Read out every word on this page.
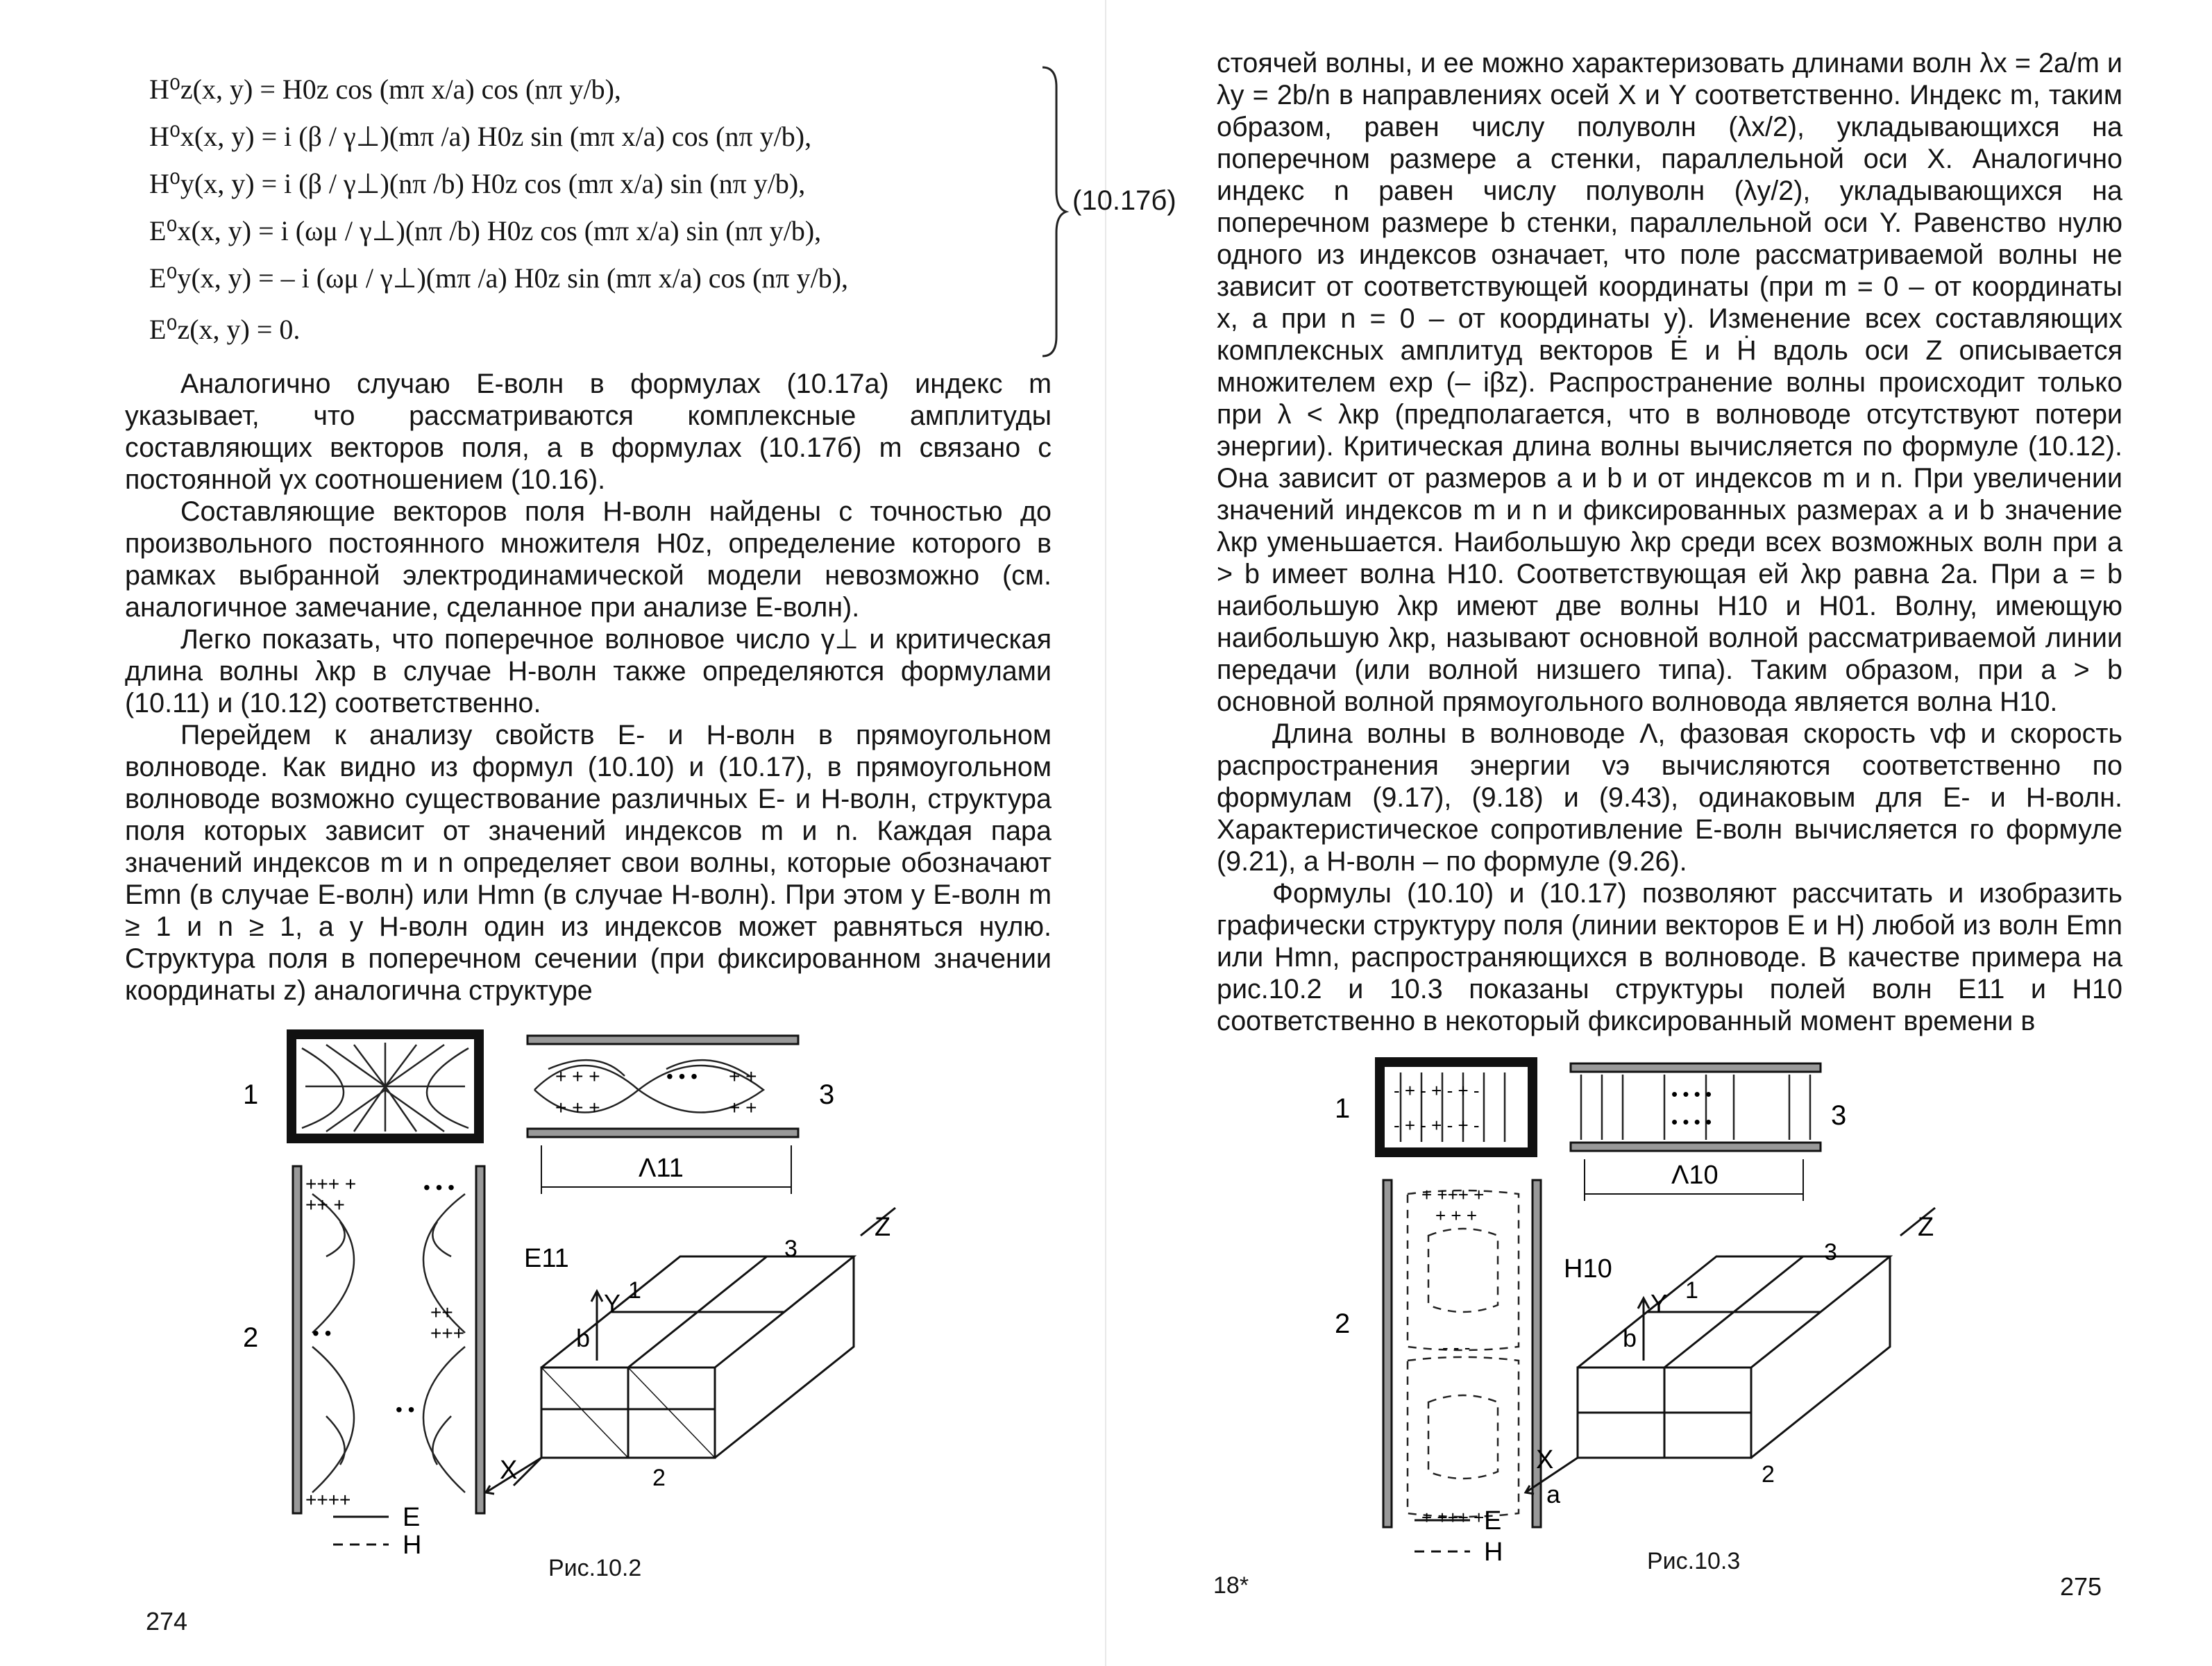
H⁰z(x, y) = H0z cos (mπ x/a) cos (nπ y/b),
H⁰x(x, y) = i (β / γ⊥)(mπ /a) H0z sin (mπ x/a) cos (nπ y/b),
H⁰y(x, y) = i (β / γ⊥)(nπ /b) H0z cos (mπ x/a) sin (nπ y/b),
E⁰x(x, y) = i (ωμ / γ⊥)(nπ /b) H0z cos (mπ x/a) sin (nπ y/b),
E⁰y(x, y) = – i (ωμ / γ⊥)(mπ /a) H0z sin (mπ x/a) cos (nπ y/b),
E⁰z(x, y) = 0.
(10.17б)

Аналогично случаю E-волн в формулах (10.17а) индекс m указывает, что рассматриваются комплексные амплитуды составляющих векторов поля, а в формулах (10.17б) m связано с постоянной γx соотношением (10.16).

Составляющие векторов поля H-волн найдены с точностью до произвольного постоянного множителя H0z, определение которого в рамках выбранной электродинамической модели невозможно (см. аналогичное замечание, сделанное при анализе E-волн).

Легко показать, что поперечное волновое число γ⊥ и критическая длина волны λкр в случае H-волн также определяются формулами (10.11) и (10.12) соответственно.

Перейдем к анализу свойств E- и H-волн в прямоугольном волноводе. Как видно из формул (10.10) и (10.17), в прямоугольном волноводе возможно существование различных E- и H-волн, структура поля которых зависит от значений индексов m и n. Каждая пара значений индексов m и n определяет свои волны, которые обозначают Emn (в случае E-волн) или Hmn (в случае H-волн). При этом у E-волн m ≥ 1 и n ≥ 1, а у H-волн один из индексов может равняться нулю. Структура поля в поперечном сечении (при фиксированном значении координаты z) аналогична структуре

1
+ + +
+ + +
+ +
+ +
• • •
3
Λ11
+++ +
++ +
++++
+++
++
• • •
• •
• •
2
E11
Y
b
Z
X	2
1
3
E
H
Рис.10.2
274

стоячей волны, и ее можно характеризовать длинами волн λx = 2a/m и λy = 2b/n в направлениях осей X и Y соответственно. Индекс m, таким образом, равен числу полуволн (λx/2), укладывающихся на поперечном размере a стенки, параллельной оси X. Аналогично индекс n равен числу полуволн (λy/2), укладывающихся на поперечном размере b стенки, параллельной оси Y. Равенство нулю одного из индексов означает, что поле рассматриваемой волны не зависит от соответствующей координаты (при m = 0 – от координаты x, а при n = 0 – от координаты y). Изменение всех составляющих комплексных амплитуд векторов Ė и Ḣ вдоль оси Z описывается множителем exp (– iβz). Распространение волны происходит только при λ < λкр (предполагается, что в волноводе отсутствуют потери энергии). Критическая длина волны вычисляется по формуле (10.12). Она зависит от размеров a и b и от индексов m и n. При увеличении значений индексов m и n и фиксированных размерах a и b значение λкр уменьшается. Наибольшую λкр среди всех возможных волн при a > b имеет волна H10. Соответствующая ей λкр равна 2a. При a = b наибольшую λкр имеют две волны H10 и H01. Волну, имеющую наибольшую λкр, называют основной волной рассматриваемой линии передачи (или волной низшего типа). Таким образом, при a > b основной волной прямоугольного волновода является волна H10.

Длина волны в волноводе Λ, фазовая скорость vф и скорость распространения энергии vэ вычисляются соответственно по формулам (9.17), (9.18) и (9.43), одинаковым для E- и H-волн. Характеристическое сопротивление E-волн вычисляется го формуле (9.21), а H-волн – по формуле (9.26).

Формулы (10.10) и (10.17) позволяют рассчитать и изобразить графически структуру поля (линии векторов E и H) любой из волн Emn или Hmn, распространяющихся в волноводе. В качестве примера на рис.10.2 и 10.3 показаны структуры полей волн E11 и H10 соответственно в некоторый фиксированный момент времени в

- + - + - + -
- + - + - + -
1	• • • •
• • • •	3
Λ10
+ +++ +
+ + +
+ +++ +
- - -
2
H10
Y
b
Z
X
a
1
3
2
E
H	Рис.10.3
18*	275
